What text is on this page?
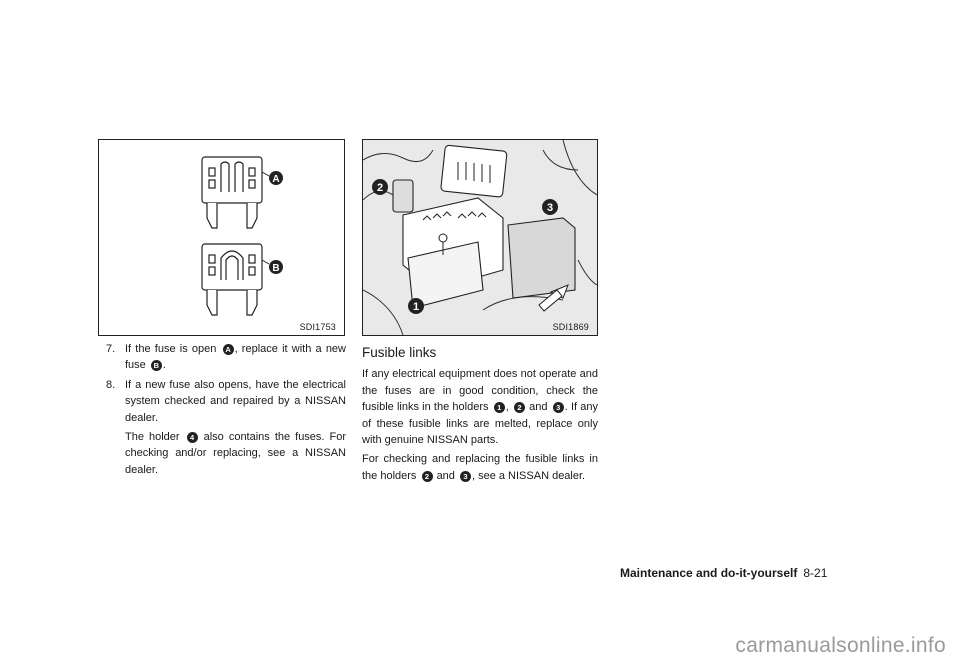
A
B
SDI1753
2
3
1
SDI1869
7. If the fuse is open A , replace it with a new fuse B .
8. If a new fuse also opens, have the electrical system checked and repaired by a NISSAN dealer.
The holder 4 also contains the fuses. For checking and/or replacing, see a NISSAN dealer.
Fusible links
If any electrical equipment does not operate and the fuses are in good condition, check the fusible links in the holders 1 , 2 and 3 . If any of these fusible links are melted, replace only with genuine NISSAN parts.
For checking and replacing the fusible links in the holders 2 and 3 , see a NISSAN dealer.
Maintenance and do-it-yourself 8-21
carmanualsonline.info
